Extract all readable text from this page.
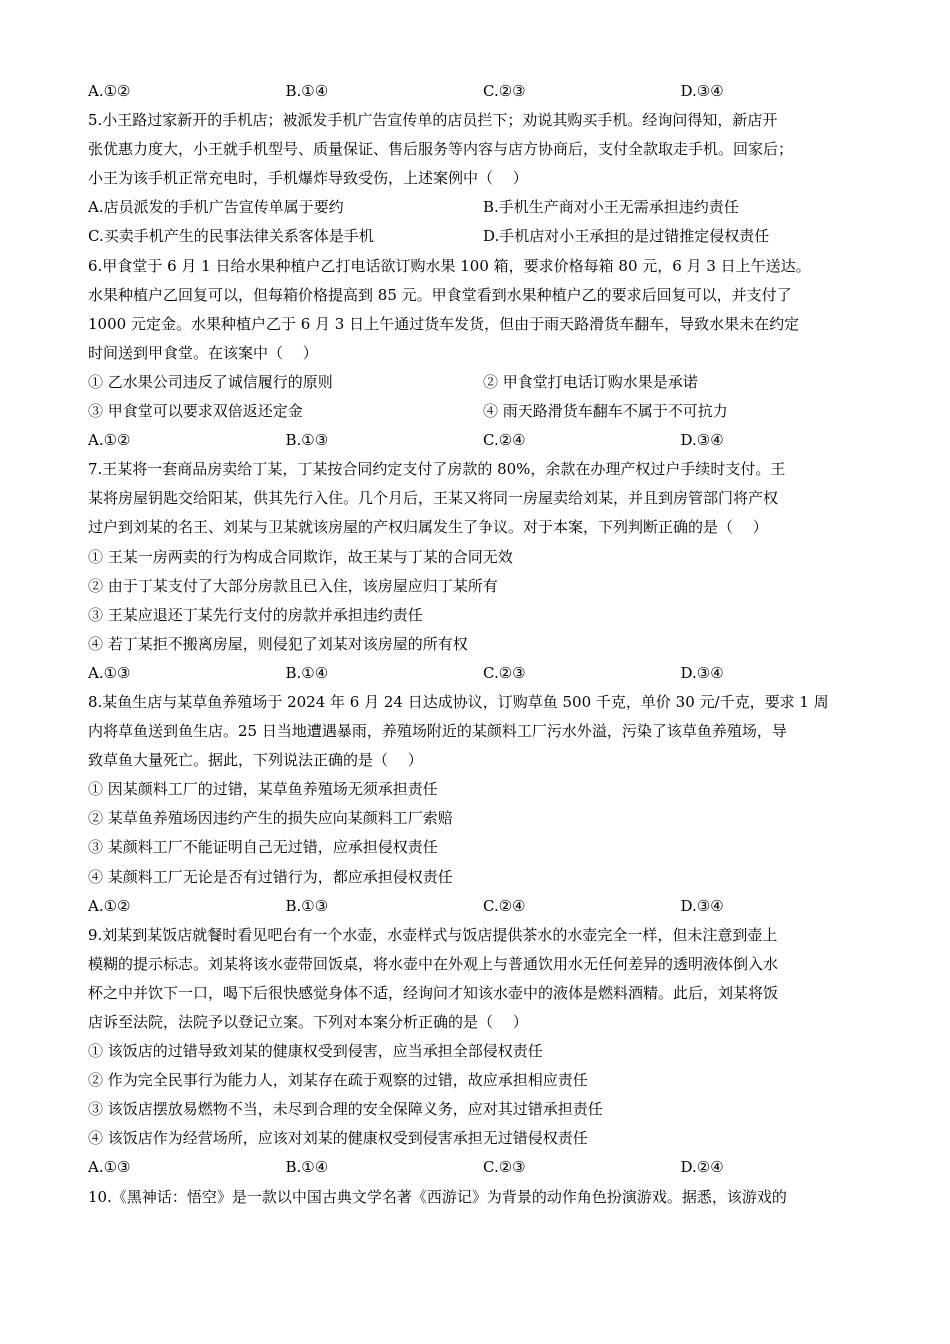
A.①②	B.①④	C.②③	D.③④
5.小王路过家新开的手机店；被派发手机广告宣传单的店员拦下；劝说其购买手机。经询问得知，新店开
张优惠力度大，小王就手机型号、质量保证、售后服务等内容与店方协商后，支付全款取走手机。回家后；
小王为该手机正常充电时，手机爆炸导致受伤，上述案例中（　 ）
A.店员派发的手机广告宣传单属于要约	B.手机生产商对小王无需承担违约责任
C.买卖手机产生的民事法律关系客体是手机	D.手机店对小王承担的是过错推定侵权责任
6.甲食堂于 6 月 1 日给水果种植户乙打电话欲订购水果 100 箱，要求价格每箱 80 元，6 月 3 日上午送达。
水果种植户乙回复可以，但每箱价格提高到 85 元。甲食堂看到水果种植户乙的要求后回复可以，并支付了
1000 元定金。水果种植户乙于 6 月 3 日上午通过货车发货，但由于雨天路滑货车翻车，导致水果未在约定
时间送到甲食堂。在该案中（　 ）
① 乙水果公司违反了诚信履行的原则	② 甲食堂打电话订购水果是承诺
③ 甲食堂可以要求双倍返还定金	④ 雨天路滑货车翻车不属于不可抗力
A.①②	B.①③	C.②④	D.③④
7.王某将一套商品房卖给丁某，丁某按合同约定支付了房款的 80%，余款在办理产权过户手续时支付。王
某将房屋钥匙交给阳某，供其先行入住。几个月后，王某又将同一房屋卖给刘某，并且到房管部门将产权
过户到刘某的名王、刘某与卫某就该房屋的产权归属发生了争议。对于本案，下列判断正确的是（　 ）
① 王某一房两卖的行为构成合同欺诈，故王某与丁某的合同无效
② 由于丁某支付了大部分房款且已入住，该房屋应归丁某所有
③ 王某应退还丁某先行支付的房款并承担违约责任
④ 若丁某拒不搬离房屋，则侵犯了刘某对该房屋的所有权
A.①③	B.①④	C.②③	D.③④
8.某鱼生店与某草鱼养殖场于 2024 年 6 月 24 日达成协议，订购草鱼 500 千克，单价 30 元/千克，要求 1 周
内将草鱼送到鱼生店。25 日当地遭遇暴雨，养殖场附近的某颜料工厂污水外溢，污染了该草鱼养殖场，导
致草鱼大量死亡。据此，下列说法正确的是（　 ）
① 因某颜料工厂的过错，某草鱼养殖场无须承担责任
② 某草鱼养殖场因违约产生的损失应向某颜料工厂索赔
③ 某颜料工厂不能证明自己无过错，应承担侵权责任
④ 某颜料工厂无论是否有过错行为，都应承担侵权责任
A.①②	B.①③	C.②④	D.③④
9.刘某到某饭店就餐时看见吧台有一个水壶，水壶样式与饭店提供茶水的水壶完全一样，但未注意到壶上
模糊的提示标志。刘某将该水壶带回饭桌，将水壶中在外观上与普通饮用水无任何差异的透明液体倒入水
杯之中并饮下一口，喝下后很快感觉身体不适，经询问才知该水壶中的液体是燃料酒精。此后，刘某将饭
店诉至法院，法院予以登记立案。下列对本案分析正确的是（　 ）
① 该饭店的过错导致刘某的健康权受到侵害，应当承担全部侵权责任
② 作为完全民事行为能力人，刘某存在疏于观察的过错，故应承担相应责任
③ 该饭店摆放易燃物不当，未尽到合理的安全保障义务，应对其过错承担责任
④ 该饭店作为经营场所，应该对刘某的健康权受到侵害承担无过错侵权责任
A.①③	B.①④	C.②③	D.②④
10.《黑神话：悟空》是一款以中国古典文学名著《西游记》为背景的动作角色扮演游戏。据悉，该游戏的
